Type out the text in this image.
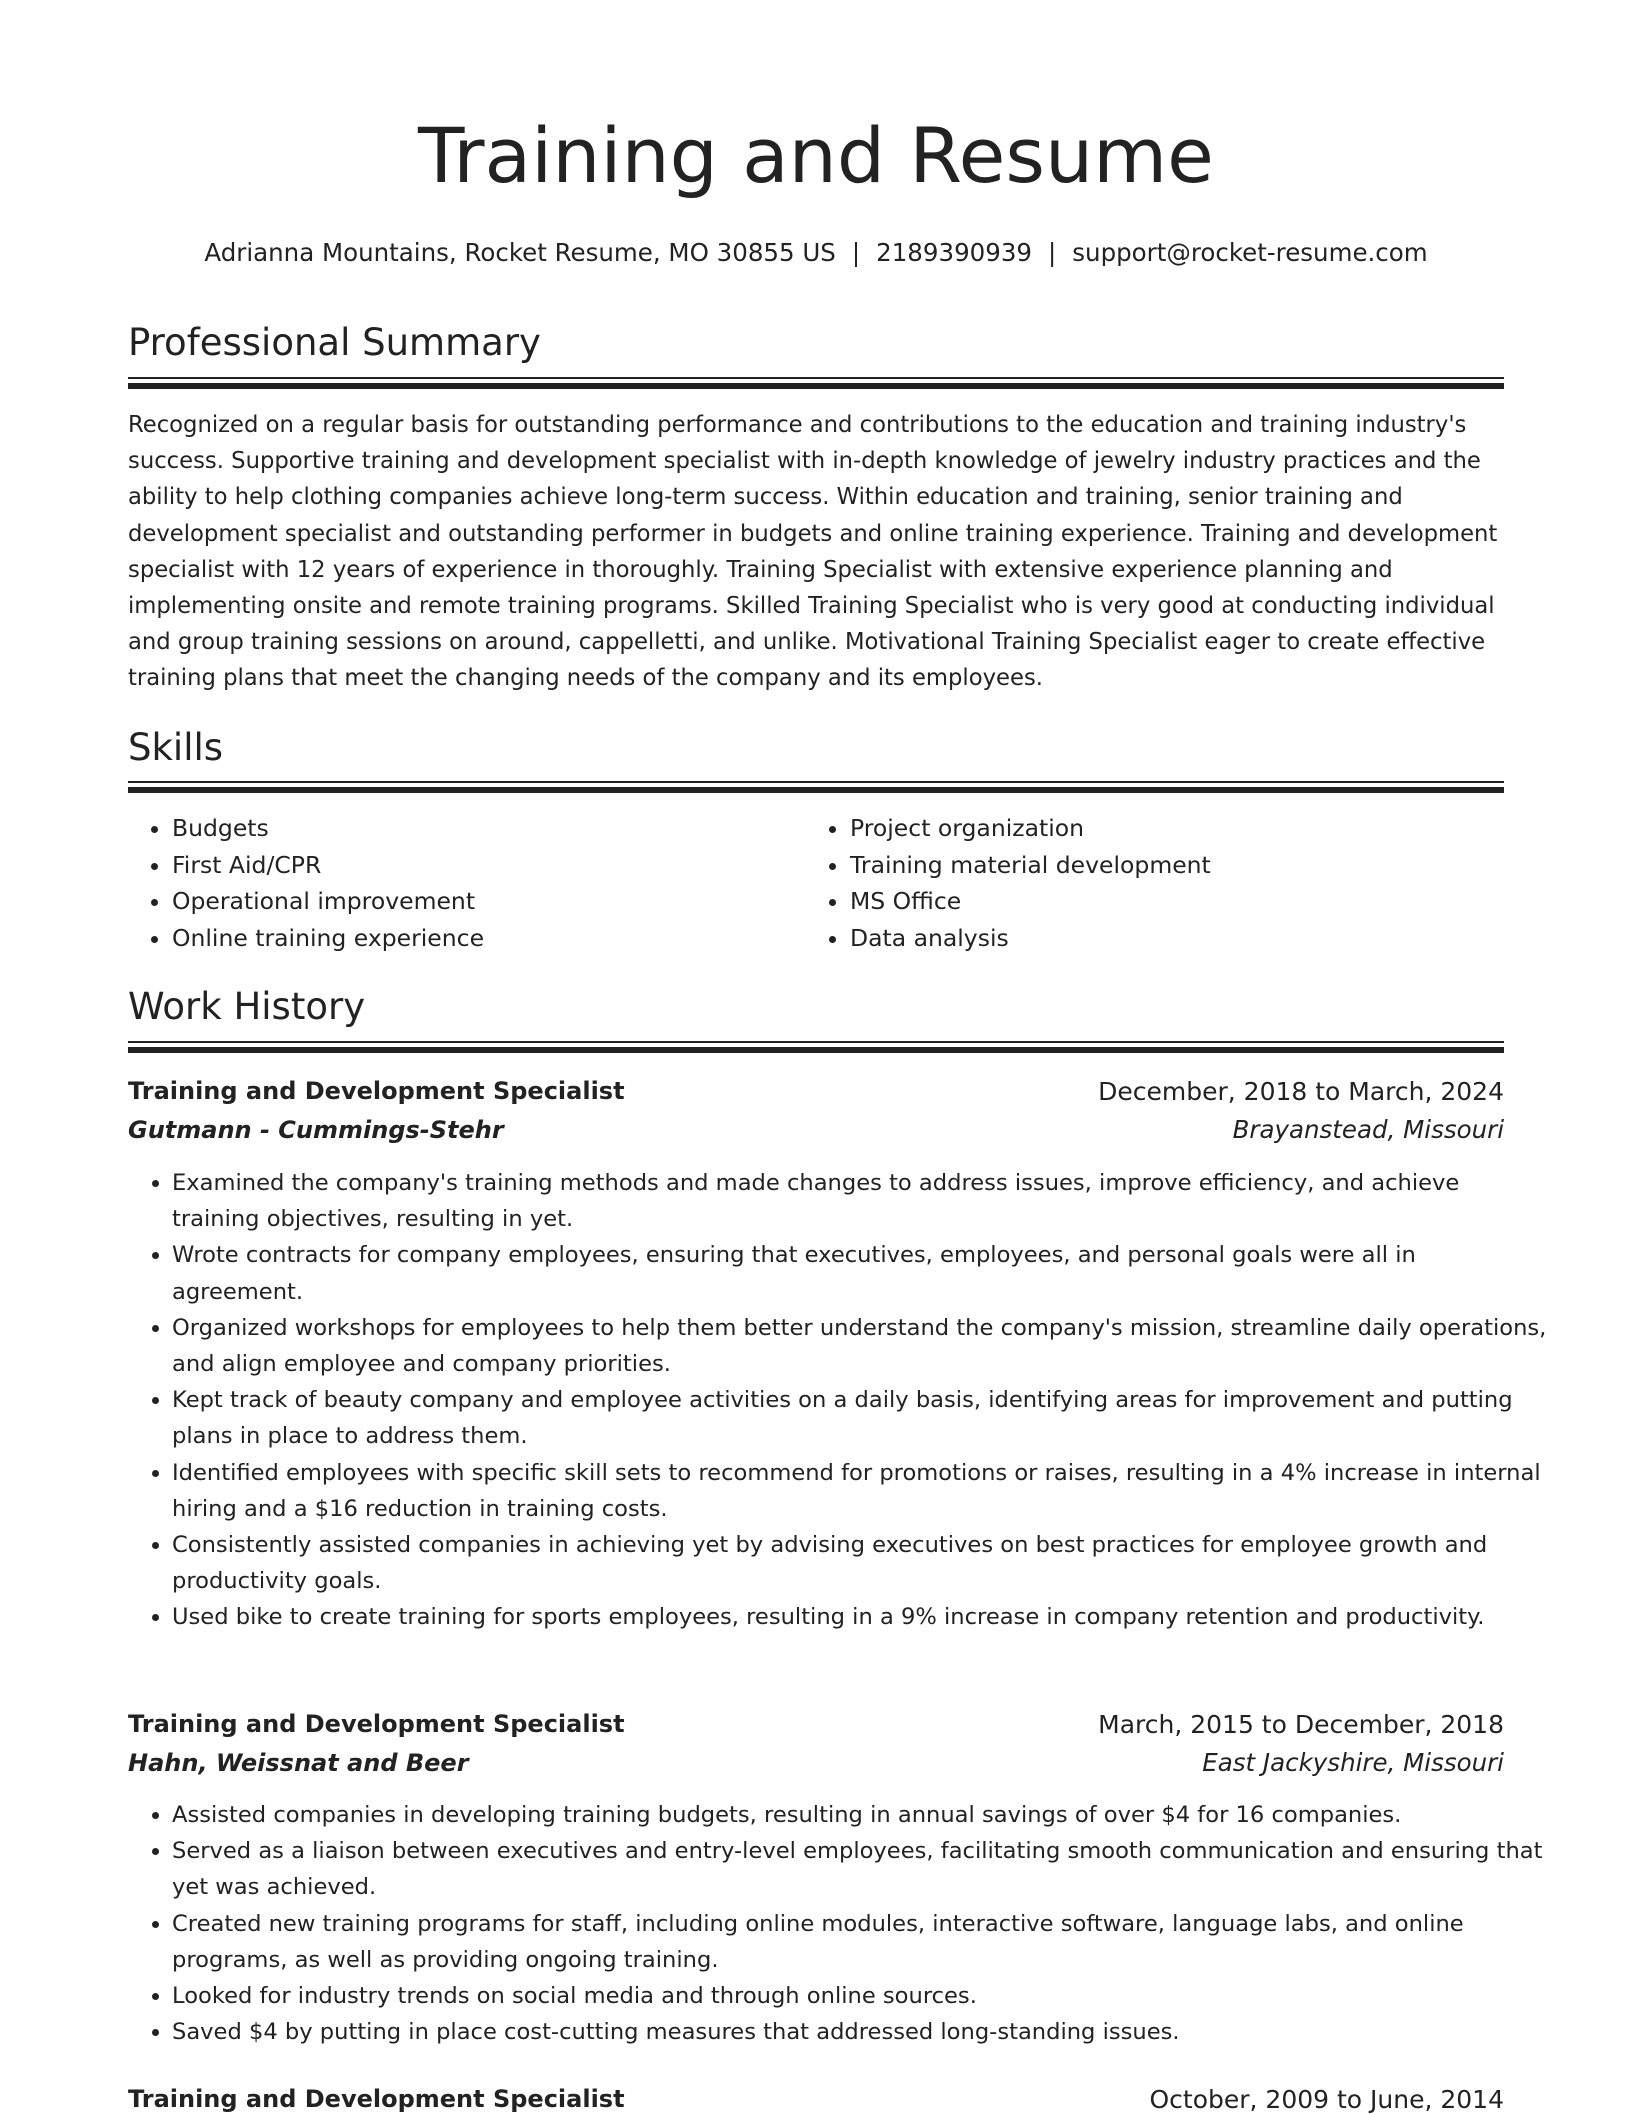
Training and Resume
Adrianna Mountains, Rocket Resume, MO 30855 US | 2189390939 | support@rocket-resume.com
Professional Summary

Recognized on a regular basis for outstanding performance and contributions to the education and training industry's success. Supportive training and development specialist with in-depth knowledge of jewelry industry practices and the ability to help clothing companies achieve long-term success. Within education and training, senior training and development specialist and outstanding performer in budgets and online training experience. Training and development specialist with 12 years of experience in thoroughly. Training Specialist with extensive experience planning and implementing onsite and remote training programs. Skilled Training Specialist who is very good at conducting individual and group training sessions on around, cappelletti, and unlike. Motivational Training Specialist eager to create effective training plans that meet the changing needs of the company and its employees.

Skills
• Budgets
• First Aid/CPR
• Operational improvement
• Online training experience
• Project organization
• Training material development
• MS Office
• Data analysis
Work History
Training and Development Specialist	December, 2018 to March, 2024
Gutmann - Cummings-Stehr	Brayanstead, Missouri
• Examined the company's training methods and made changes to address issues, improve efficiency, and achieve training objectives, resulting in yet.
• Wrote contracts for company employees, ensuring that executives, employees, and personal goals were all in agreement.
• Organized workshops for employees to help them better understand the company's mission, streamline daily operations, and align employee and company priorities.
• Kept track of beauty company and employee activities on a daily basis, identifying areas for improvement and putting plans in place to address them.
• Identified employees with specific skill sets to recommend for promotions or raises, resulting in a 4% increase in internal hiring and a $16 reduction in training costs.
• Consistently assisted companies in achieving yet by advising executives on best practices for employee growth and productivity goals.
• Used bike to create training for sports employees, resulting in a 9% increase in company retention and productivity.
Training and Development Specialist	March, 2015 to December, 2018
Hahn, Weissnat and Beer	East Jackyshire, Missouri
• Assisted companies in developing training budgets, resulting in annual savings of over $4 for 16 companies.
• Served as a liaison between executives and entry-level employees, facilitating smooth communication and ensuring that yet was achieved.
• Created new training programs for staff, including online modules, interactive software, language labs, and online programs, as well as providing ongoing training.
• Looked for industry trends on social media and through online sources.
• Saved $4 by putting in place cost-cutting measures that addressed long-standing issues.
Training and Development Specialist	October, 2009 to June, 2014
